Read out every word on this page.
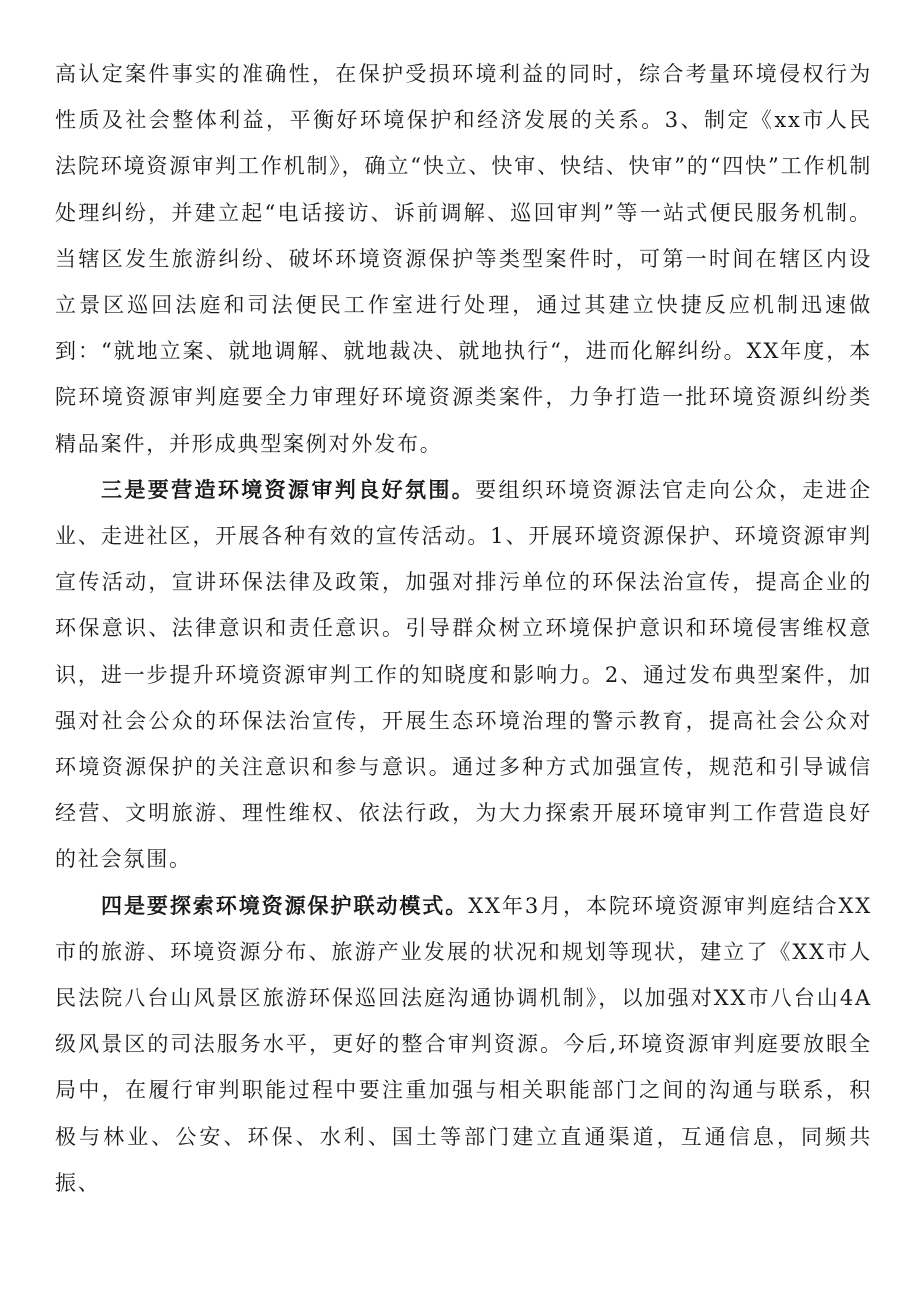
高认定案件事实的准确性，在保护受损环境利益的同时，综合考量环境侵权行为性质及社会整体利益，平衡好环境保护和经济发展的关系。3、制定《xx市人民法院环境资源审判工作机制》，确立“快立、快审、快结、快审”的“四快”工作机制处理纠纷，并建立起“电话接访、诉前调解、巡回审判”等一站式便民服务机制。当辖区发生旅游纠纷、破坏环境资源保护等类型案件时，可第一时间在辖区内设立景区巡回法庭和司法便民工作室进行处理，通过其建立快捷反应机制迅速做到：“就地立案、就地调解、就地裁决、就地执行“，进而化解纠纷。XX年度，本院环境资源审判庭要全力审理好环境资源类案件，力争打造一批环境资源纠纷类精品案件，并形成典型案例对外发布。

三是要营造环境资源审判良好氛围。要组织环境资源法官走向公众，走进企业、走进社区，开展各种有效的宣传活动。1、开展环境资源保护、环境资源审判宣传活动，宣讲环保法律及政策，加强对排污单位的环保法治宣传，提高企业的环保意识、法律意识和责任意识。引导群众树立环境保护意识和环境侵害维权意识，进一步提升环境资源审判工作的知晓度和影响力。2、通过发布典型案件，加强对社会公众的环保法治宣传，开展生态环境治理的警示教育，提高社会公众对环境资源保护的关注意识和参与意识。通过多种方式加强宣传，规范和引导诚信经营、文明旅游、理性维权、依法行政，为大力探索开展环境审判工作营造良好的社会氛围。

四是要探索环境资源保护联动模式。XX年3月，本院环境资源审判庭结合XX市的旅游、环境资源分布、旅游产业发展的状况和规划等现状，建立了《XX市人民法院八台山风景区旅游环保巡回法庭沟通协调机制》，以加强对XX市八台山4A级风景区的司法服务水平，更好的整合审判资源。今后,环境资源审判庭要放眼全局中，在履行审判职能过程中要注重加强与相关职能部门之间的沟通与联系，积极与林业、公安、环保、水利、国土等部门建立直通渠道，互通信息，同频共振、
